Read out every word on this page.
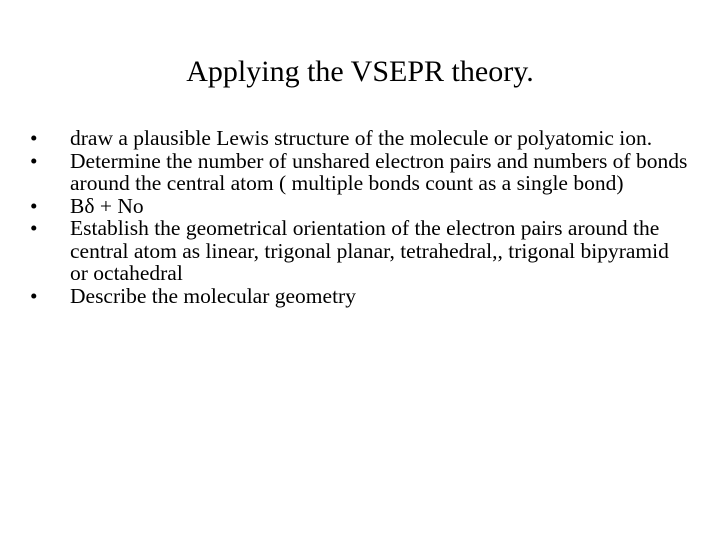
Applying the VSEPR theory.
•	draw a plausible Lewis structure of the molecule or polyatomic ion.
•	Determine the number of unshared electron pairs and numbers of bonds around the central atom ( multiple bonds count as a single bond)
•	Bδ + No
•	Establish the geometrical orientation of the electron pairs around the central atom as linear, trigonal planar, tetrahedral,, trigonal bipyramid or octahedral
•	Describe the molecular geometry
